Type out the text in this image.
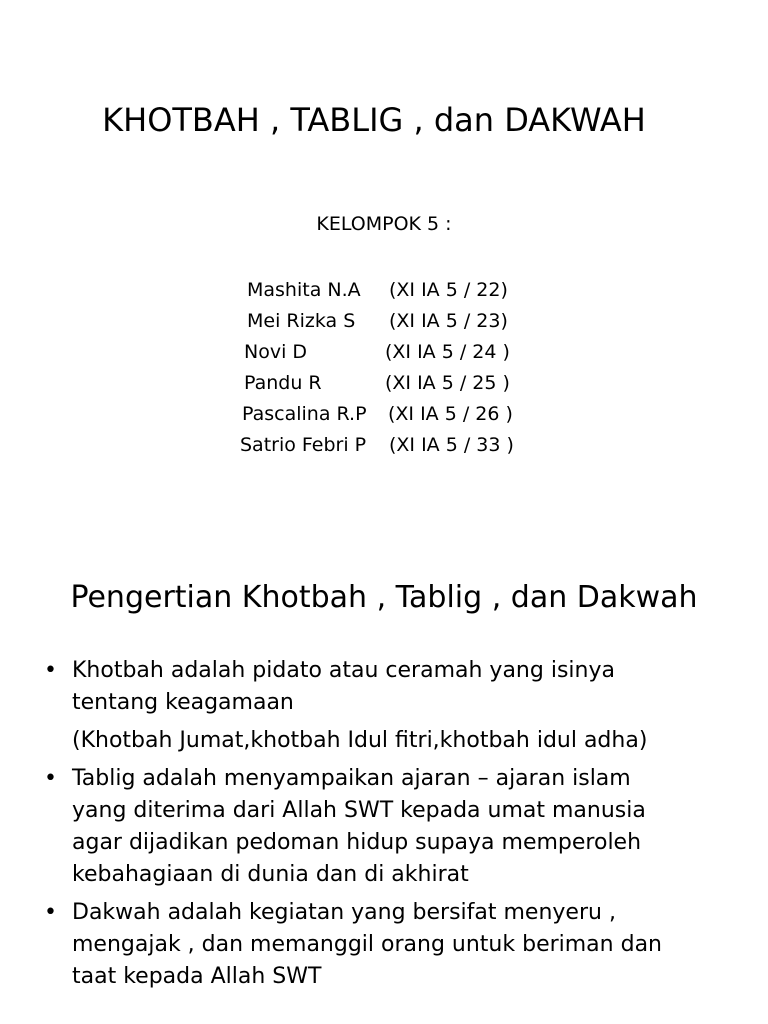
KHOTBAH , TABLIG , dan DAKWAH
KELOMPOK 5 :
Mashita N.A (XI IA 5 / 22)
Mei Rizka S (XI IA 5 / 23)
Novi D	(XI IA 5 / 24 )
Pandu R	(XI IA 5 / 25 )
Pascalina R.P (XI IA 5 / 26 )
Satrio Febri P (XI IA 5 / 33 )
Pengertian Khotbah , Tablig , dan Dakwah
• Khotbah adalah pidato atau ceramah yang isinya
tentang keagamaan
(Khotbah Jumat,khotbah Idul fitri,khotbah idul adha)
• Tablig adalah menyampaikan ajaran – ajaran islam
yang diterima dari Allah SWT kepada umat manusia
agar dijadikan pedoman hidup supaya memperoleh
kebahagiaan di dunia dan di akhirat
• Dakwah adalah kegiatan yang bersifat menyeru ,
mengajak , dan memanggil orang untuk beriman dan
taat kepada Allah SWT
